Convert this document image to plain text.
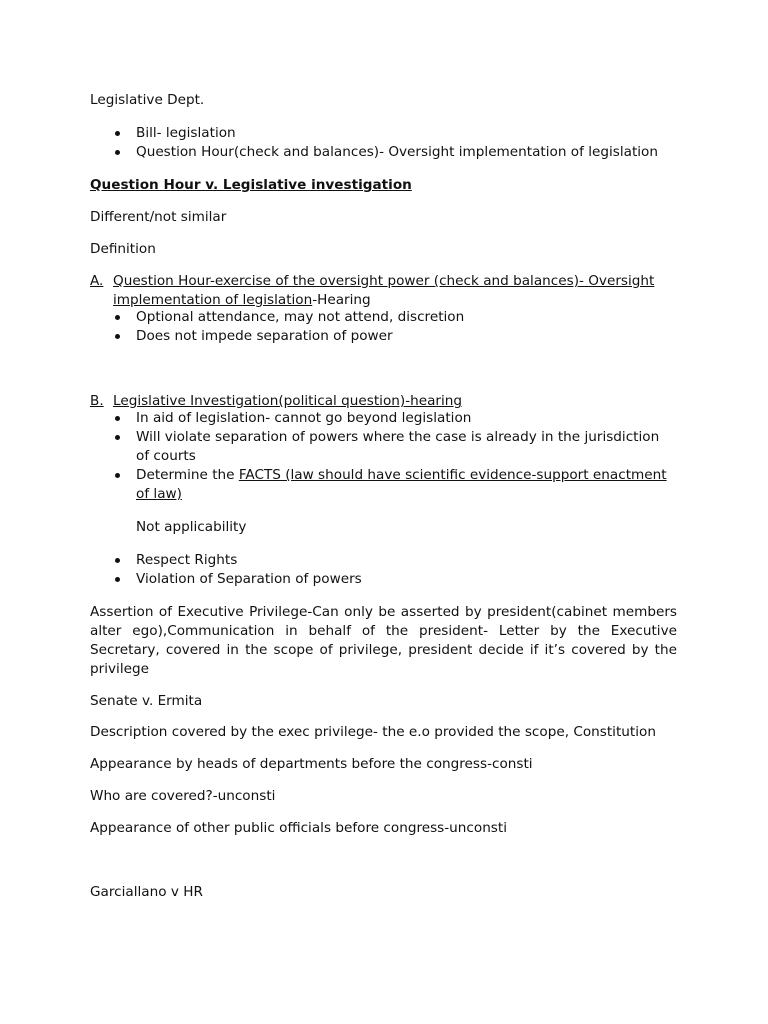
Legislative Dept.
Bill- legislation
Question Hour(check and balances)- Oversight implementation of legislation
Question Hour v. Legislative investigation
Different/not similar
Definition
A. Question Hour-exercise of the oversight power (check and balances)- Oversight
implementation of legislation-Hearing
Optional attendance, may not attend, discretion
Does not impede separation of power
B. Legislative Investigation(political question)-hearing
In aid of legislation- cannot go beyond legislation
Will violate separation of powers where the case is already in the jurisdiction
of courts
Determine the FACTS (law should have scientific evidence-support enactment
of law)
Not applicability
Respect Rights
Violation of Separation of powers
Assertion of Executive Privilege-Can only be asserted by president(cabinet members alter ego),Communication in behalf of the president- Letter by the Executive Secretary, covered in the scope of privilege, president decide if it’s covered by the privilege
Senate v. Ermita
Description covered by the exec privilege- the e.o provided the scope, Constitution
Appearance by heads of departments before the congress-consti
Who are covered?-unconsti
Appearance of other public officials before congress-unconsti
Garciallano v HR
